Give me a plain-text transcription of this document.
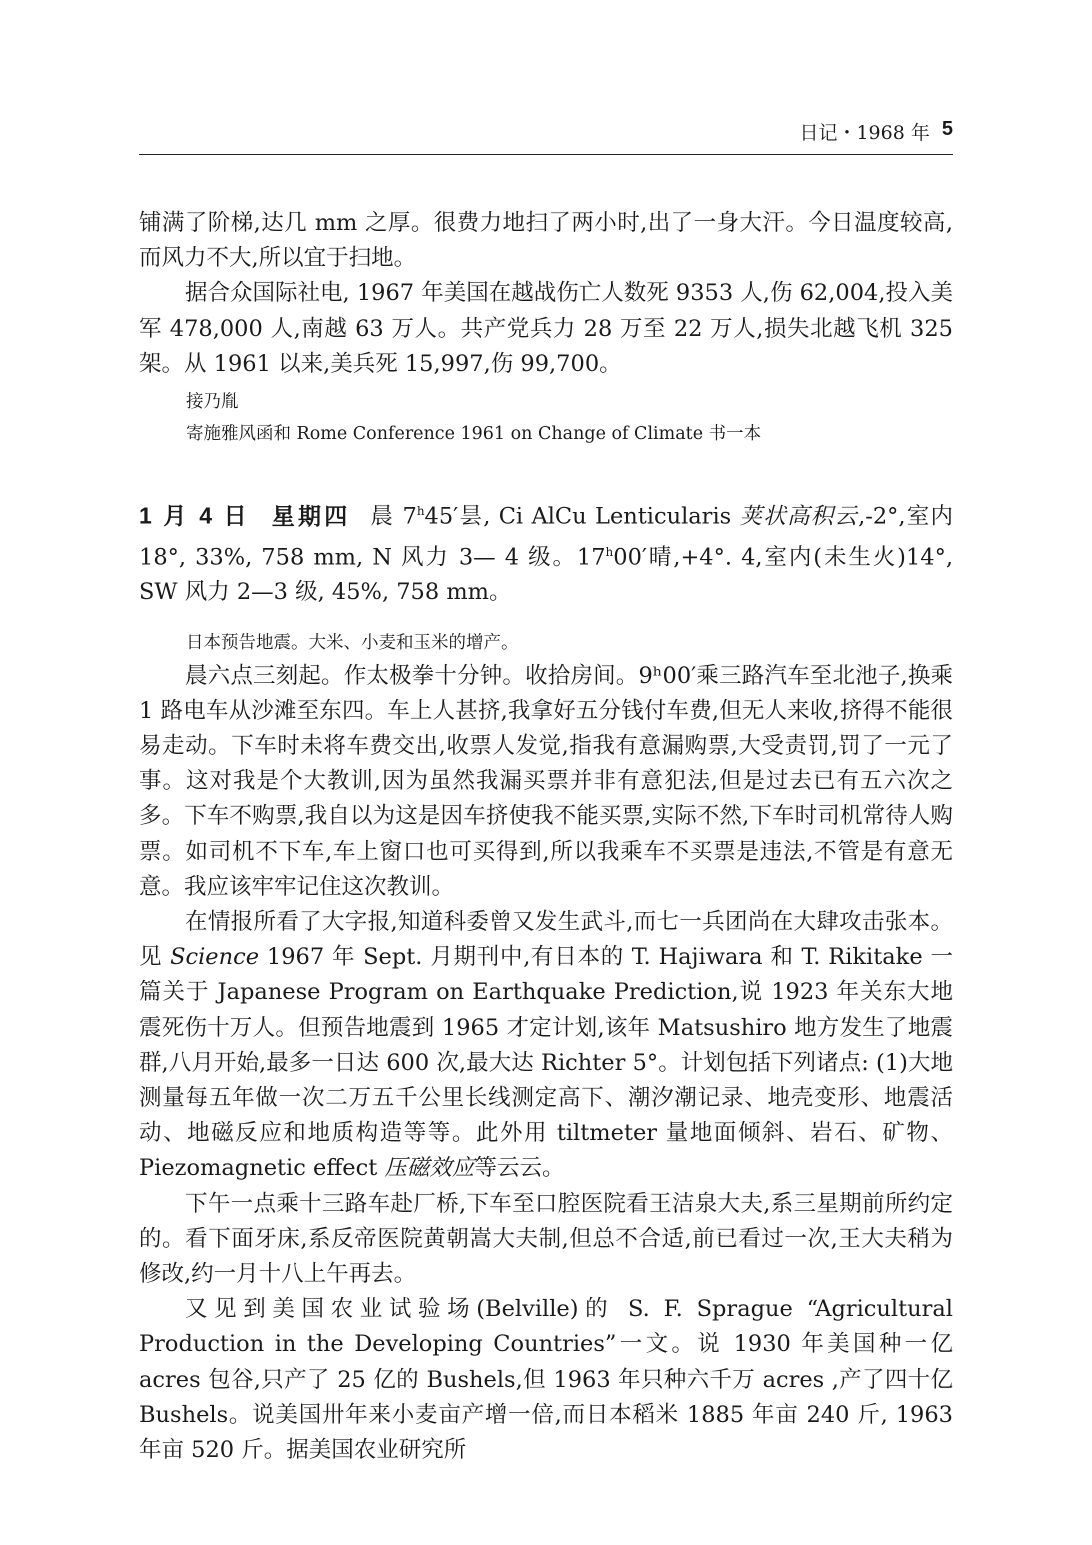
日记・1968 年 5

铺满了阶梯,达几 mm 之厚。很费力地扫了两小时,出了一身大汗。今日温度较高,而风力不大,所以宜于扫地。

据合众国际社电, 1967 年美国在越战伤亡人数死 9353 人,伤 62,004,投入美军 478,000 人,南越 63 万人。共产党兵力 28 万至 22 万人,损失北越飞机 325 架。从 1961 以来,美兵死 15,997,伤 99,700。

接乃胤

寄施雅风函和 Rome Conference 1961 on Change of Climate 书一本

1 月 4 日 星期四 晨 7$^h$45′昙, Ci AlCu Lenticularis 荚状高积云,-2°,室内 18°, 33%, 758 mm, N 风力 3— 4 级。17$^h$00′晴,+4°. 4,室内(未生火)14°, SW 风力 2—3 级, 45%, 758 mm。

日本预告地震。大米、小麦和玉米的增产。

晨六点三刻起。作太极拳十分钟。收拾房间。9ʰ00′乘三路汽车至北池子,换乘 1 路电车从沙滩至东四。车上人甚挤,我拿好五分钱付车费,但无人来收,挤得不能很易走动。下车时未将车费交出,收票人发觉,指我有意漏购票,大受责罚,罚了一元了事。这对我是个大教训,因为虽然我漏买票并非有意犯法,但是过去已有五六次之多。下车不购票,我自以为这是因车挤使我不能买票,实际不然,下车时司机常待人购票。如司机不下车,车上窗口也可买得到,所以我乘车不买票是违法,不管是有意无意。我应该牢牢记住这次教训。

在情报所看了大字报,知道科委曾又发生武斗,而七一兵团尚在大肆攻击张本。见 Science 1967 年 Sept. 月期刊中,有日本的 T. Hajiwara 和 T. Rikitake 一篇关于 Japanese Program on Earthquake Prediction,说 1923 年关东大地震死伤十万人。但预告地震到 1965 才定计划,该年 Matsushiro 地方发生了地震群,八月开始,最多一日达 600 次,最大达 Richter 5°。计划包括下列诸点: (1)大地测量每五年做一次二万五千公里长线测定高下、潮汐潮记录、地壳变形、地震活动、地磁反应和地质构造等等。此外用 tiltmeter 量地面倾斜、岩石、矿物、Piezomagnetic effect 压磁效应等云云。

下午一点乘十三路车赴厂桥,下车至口腔医院看王洁泉大夫,系三星期前所约定的。看下面牙床,系反帝医院黄朝嵩大夫制,但总不合适,前已看过一次,王大夫稍为修改,约一月十八上午再去。

又见到美国农业试验场(Belville)的 S. F. Sprague “Agricultural Production in the Developing Countries”一文。说 1930 年美国种一亿 acres 包谷,只产了 25 亿的 Bushels,但 1963 年只种六千万 acres ,产了四十亿 Bushels。说美国卅年来小麦亩产增一倍,而日本稻米 1885 年亩 240 斤, 1963 年亩 520 斤。据美国农业研究所
